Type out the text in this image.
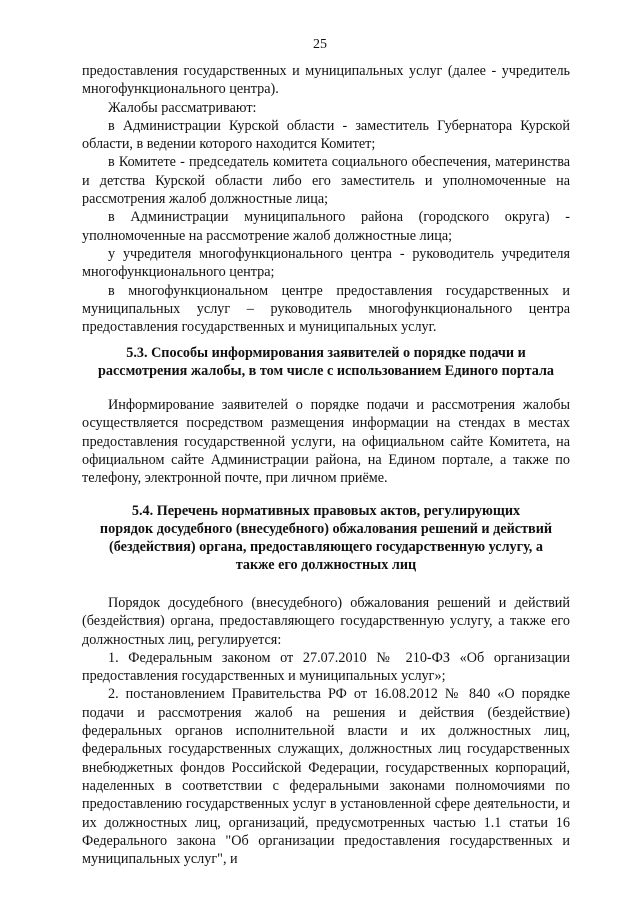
25

предоставления государственных и муниципальных услуг (далее - учредитель многофункционального центра).

Жалобы рассматривают:

в Администрации Курской области - заместитель Губернатора Курской области, в ведении которого находится Комитет;

в Комитете - председатель комитета социального обеспечения, материнства и детства Курской области либо его заместитель и уполномоченные на рассмотрения жалоб должностные лица;

в Администрации муниципального района (городского округа) - уполномоченные на рассмотрение жалоб должностные лица;

у учредителя многофункционального центра - руководитель учредителя многофункционального центра;

в многофункциональном центре предоставления государственных и муниципальных услуг – руководитель многофункционального центра предоставления государственных и муниципальных услуг.

5.3. Способы информирования заявителей о порядке подачи и

рассмотрения жалобы, в том числе с использованием Единого портала

Информирование заявителей о порядке подачи и рассмотрения жалобы осуществляется посредством размещения информации на стендах в местах предоставления государственной услуги, на официальном сайте Комитета, на официальном сайте Администрации района, на Едином портале, а также по телефону, электронной почте, при личном приёме.

5.4. Перечень нормативных правовых актов, регулирующих

порядок досудебного (внесудебного) обжалования решений и действий

(бездействия) органа, предоставляющего государственную услугу, а

также его должностных лиц

Порядок досудебного (внесудебного) обжалования решений и действий (бездействия) органа, предоставляющего государственную услугу, а также его должностных лиц, регулируется:

1. Федеральным законом от 27.07.2010 № 210-ФЗ «Об организации предоставления государственных и муниципальных услуг»;

2. постановлением Правительства РФ от 16.08.2012 № 840 «О порядке подачи и рассмотрения жалоб на решения и действия (бездействие) федеральных органов исполнительной власти и их должностных лиц, федеральных государственных служащих, должностных лиц государственных внебюджетных фондов Российской Федерации, государственных корпораций, наделенных в соответствии с федеральными законами полномочиями по предоставлению государственных услуг в установленной сфере деятельности, и их должностных лиц, организаций, предусмотренных частью 1.1 статьи 16 Федерального закона "Об организации предоставления государственных и муниципальных услуг", и
